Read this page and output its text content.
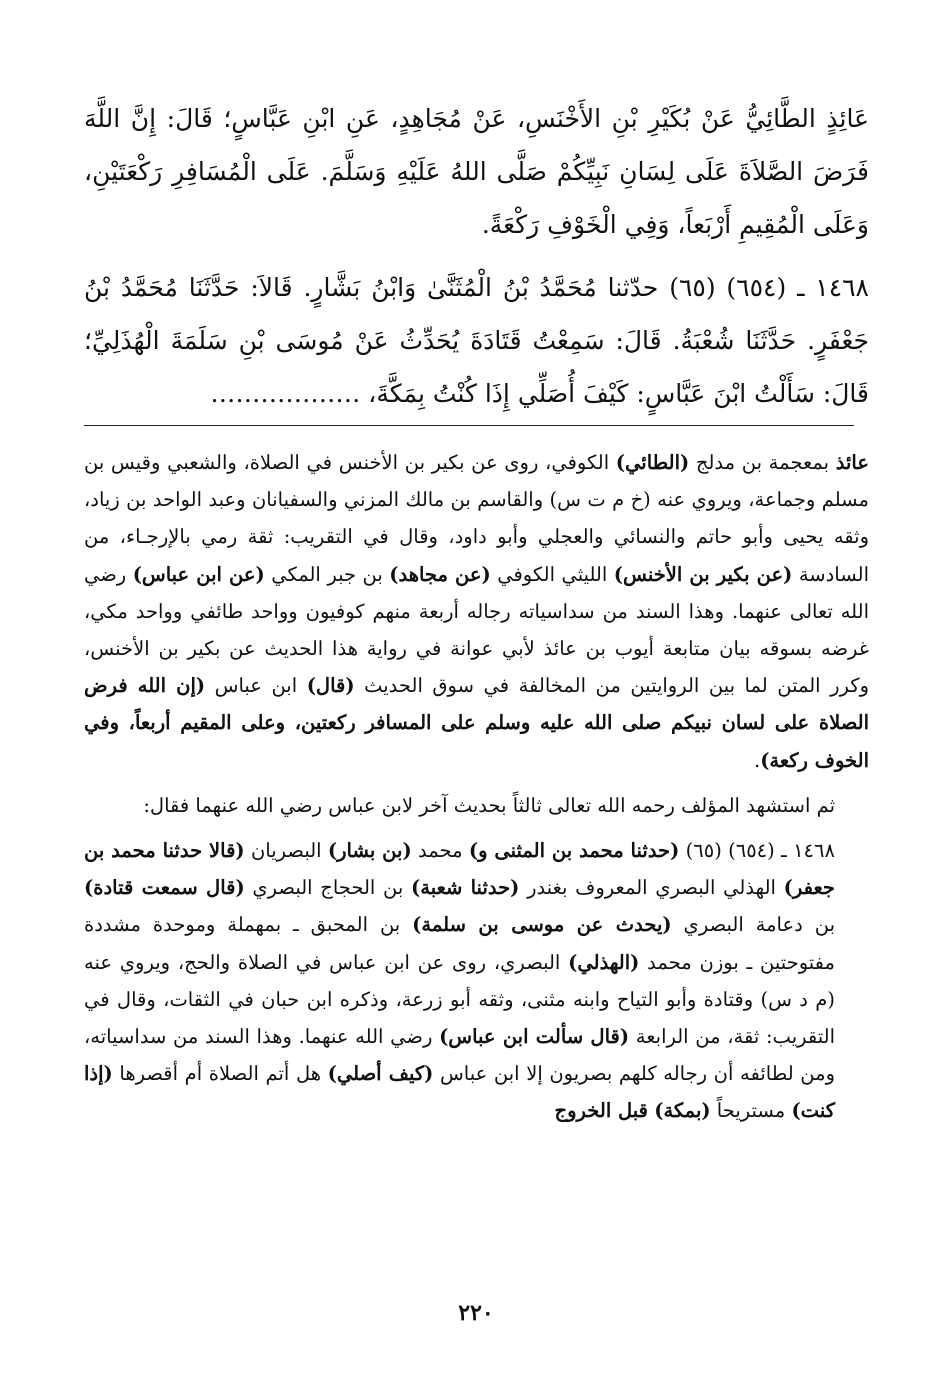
عَائِذٍ الطَّائِيُّ عَنْ بُكَيْرِ بْنِ الأَخْنَسِ، عَنْ مُجَاهِدٍ، عَنِ ابْنِ عَبَّاسٍ؛ قَالَ: إِنَّ اللَّهَ فَرَضَ الصَّلاَةَ عَلَى لِسَانِ نَبِيِّكُمْ صَلَّى اللهُ عَلَيْهِ وَسَلَّمَ. عَلَى الْمُسَافِرِ رَكْعَتَيْنِ، وَعَلَى الْمُقِيمِ أَرْبَعاً، وَفِي الْخَوْفِ رَكْعَةً.

١٤٦٨ ـ (٦٥٤) (٦٥) حدّثنا مُحَمَّدُ بْنُ الْمُثَنَّىٰ وَابْنُ بَشَّارٍ. قَالاَ: حَدَّثَنَا مُحَمَّدُ بْنُ جَعْفَرٍ. حَدَّثَنَا شُعْبَةُ. قَالَ: سَمِعْتُ قَتَادَةَ يُحَدِّثُ عَنْ مُوسَى بْنِ سَلَمَةَ الْهُذَلِيِّ؛ قَالَ: سَأَلْتُ ابْنَ عَبَّاسٍ: كَيْفَ أُصَلِّي إِذَا كُنْتُ بِمَكَّةَ، ………………

عائذ بمعجمة بن مدلج (الطائي) الكوفي، روى عن بكير بن الأخنس في الصلاة، والشعبي وقيس بن مسلم وجماعة، ويروي عنه (خ م ت س) والقاسم بن مالك المزني والسفيانان وعبد الواحد بن زياد، وثقه يحيى وأبو حاتم والنسائي والعجلي وأبو داود، وقال في التقريب: ثقة رمي بالإرجـاء، من السادسة (عن بكير بن الأخنس) الليثي الكوفي (عن مجاهد) بن جبر المكي (عن ابن عباس) رضي الله تعالى عنهما. وهذا السند من سداسياته رجاله أربعة منهم كوفيون وواحد طائفي وواحد مكي، غرضه بسوقه بيان متابعة أيوب بن عائذ لأبي عوانة في رواية هذا الحديث عن بكير بن الأخنس، وكرر المتن لما بين الروايتين من المخالفة في سوق الحديث (قال) ابن عباس (إن الله فرض الصلاة على لسان نبيكم صلى الله عليه وسلم على المسافر ركعتين، وعلى المقيم أربعاً، وفي الخوف ركعة).

ثم استشهد المؤلف رحمه الله تعالى ثالثاً بحديث آخر لابن عباس رضي الله عنهما فقال:

١٤٦٨ ـ (٦٥٤) (٦٥) (حدثنا محمد بن المثنى و) محمد (بن بشار) البصريان (قالا حدثنا محمد بن جعفر) الهذلي البصري المعروف بغندر (حدثنا شعبة) بن الحجاج البصري (قال سمعت قتادة) بن دعامة البصري (يحدث عن موسى بن سلمة) بن المحبق ـ بمهملة وموحدة مشددة مفتوحتين ـ بوزن محمد (الهذلي) البصري، روى عن ابن عباس في الصلاة والحج، ويروي عنه (م د س) وقتادة وأبو التياح وابنه مثنى، وثقه أبو زرعة، وذكره ابن حبان في الثقات، وقال في التقريب: ثقة، من الرابعة (قال سألت ابن عباس) رضي الله عنهما. وهذا السند من سداسياته، ومن لطائفه أن رجاله كلهم بصريون إلا ابن عباس (كيف أصلي) هل أتم الصلاة أم أقصرها (إذا كنت) مستريحاً (بمكة) قبل الخروج

٢٢٠
